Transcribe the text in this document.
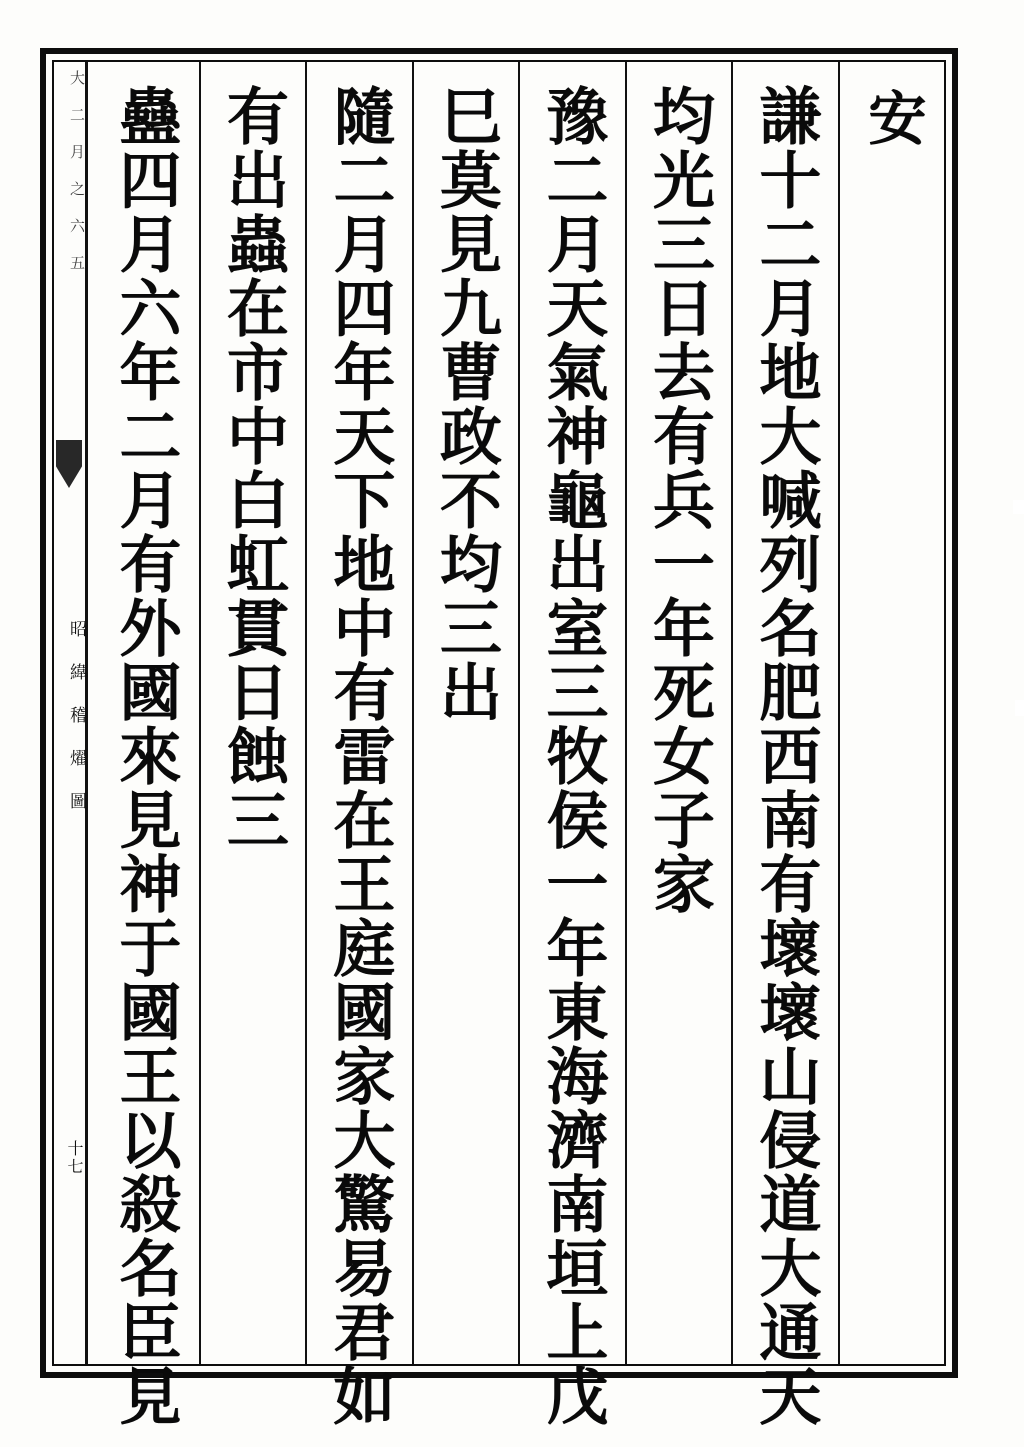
大 二 月 之 六 五
昭 緯 稽 燿 圖
十七
安
謙十二月地大喊列名肥西南有壞壞山侵道大通天
均光三日去有兵一年死女子家
豫二月天氣神龜出室三牧侯一年東海濟南垣上戊
巳莫見九曹政不均三出
隨二月四年天下地中有雷在王庭國家大驚易君如
有出蟲在市中白虹貫日蝕三
蠱四月六年二月有外國來見神于國王以殺名臣見
